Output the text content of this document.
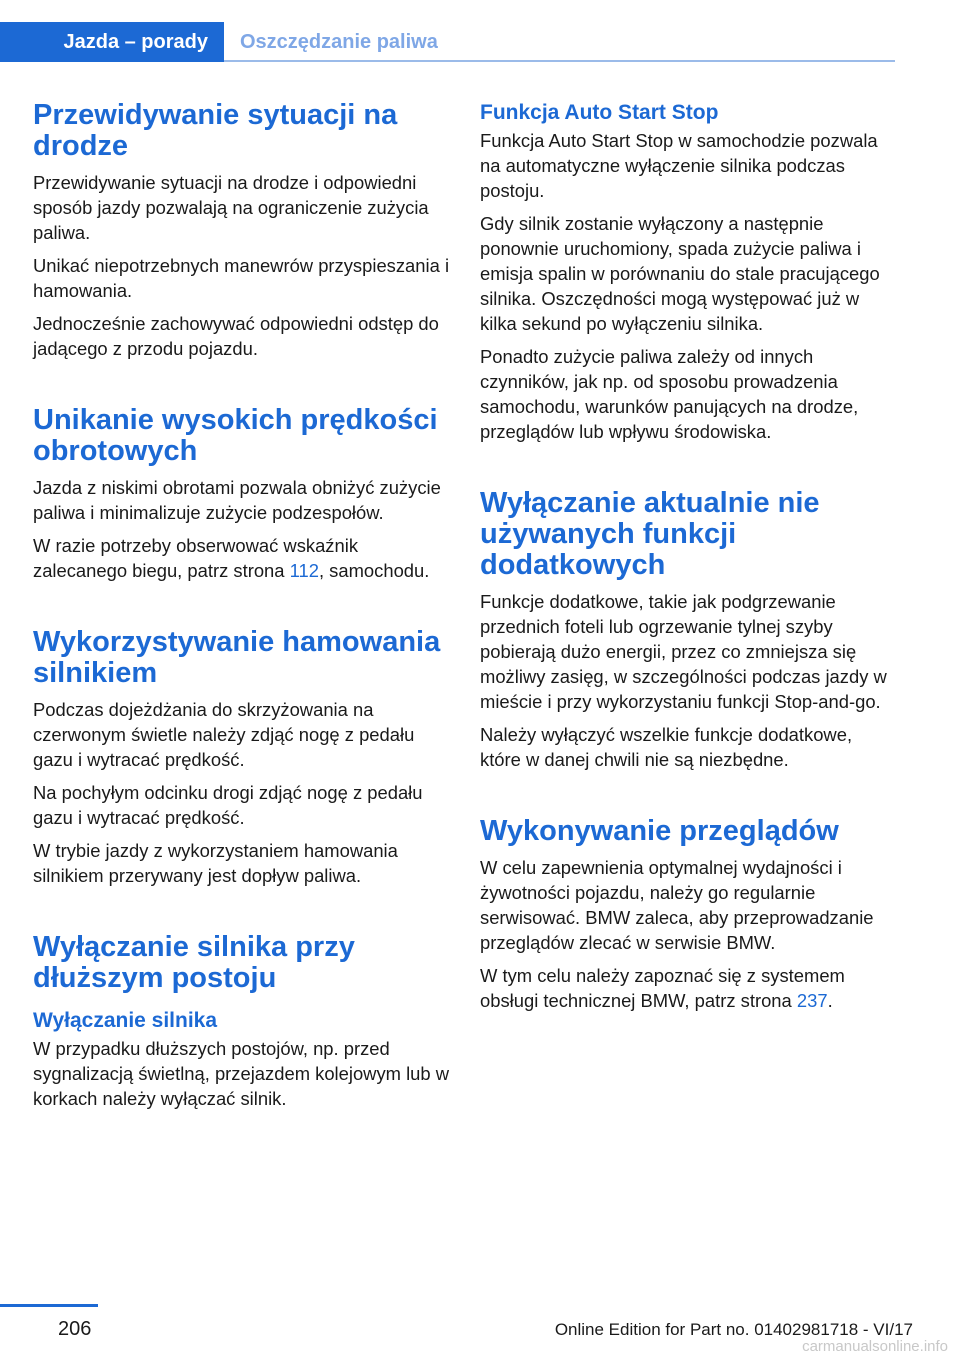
Jazda – porady Oszczędzanie paliwa
Przewidywanie sytuacji na drodze

Przewidywanie sytuacji na drodze i odpowiedni sposób jazdy pozwalają na ograniczenie zużycia paliwa.

Unikać niepotrzebnych manewrów przyspieszania i hamowania.

Jednocześnie zachowywać odpowiedni odstęp do jadącego z przodu pojazdu.

Unikanie wysokich prędkości obrotowych

Jazda z niskimi obrotami pozwala obniżyć zużycie paliwa i minimalizuje zużycie podzespołów.

W razie potrzeby obserwować wskaźnik zalecanego biegu, patrz strona 112, samochodu.

Wykorzystywanie hamowania silnikiem

Podczas dojeżdżania do skrzyżowania na czerwonym świetle należy zdjąć nogę z pedału gazu i wytracać prędkość.

Na pochyłym odcinku drogi zdjąć nogę z pedału gazu i wytracać prędkość.

W trybie jazdy z wykorzystaniem hamowania silnikiem przerywany jest dopływ paliwa.

Wyłączanie silnika przy dłuższym postoju
Wyłączanie silnika

W przypadku dłuższych postojów, np. przed sygnalizacją świetlną, przejazdem kolejowym lub w korkach należy wyłączać silnik.

Funkcja Auto Start Stop

Funkcja Auto Start Stop w samochodzie pozwala na automatyczne wyłączenie silnika podczas postoju.

Gdy silnik zostanie wyłączony a następnie ponownie uruchomiony, spada zużycie paliwa i emisja spalin w porównaniu do stale pracującego silnika. Oszczędności mogą występować już w kilka sekund po wyłączeniu silnika.

Ponadto zużycie paliwa zależy od innych czynników, jak np. od sposobu prowadzenia samochodu, warunków panujących na drodze, przeglądów lub wpływu środowiska.

Wyłączanie aktualnie nie używanych funkcji dodatkowych

Funkcje dodatkowe, takie jak podgrzewanie przednich foteli lub ogrzewanie tylnej szyby pobierają dużo energii, przez co zmniejsza się możliwy zasięg, w szczególności podczas jazdy w mieście i przy wykorzystaniu funkcji Stop-and-go.

Należy wyłączyć wszelkie funkcje dodatkowe, które w danej chwili nie są niezbędne.

Wykonywanie przeglądów

W celu zapewnienia optymalnej wydajności i żywotności pojazdu, należy go regularnie serwisować. BMW zaleca, aby przeprowadzanie przeglądów zlecać w serwisie BMW.

W tym celu należy zapoznać się z systemem obsługi technicznej BMW, patrz strona 237.

206	Online Edition for Part no. 01402981718 - VI/17
carmanualsonline.info
